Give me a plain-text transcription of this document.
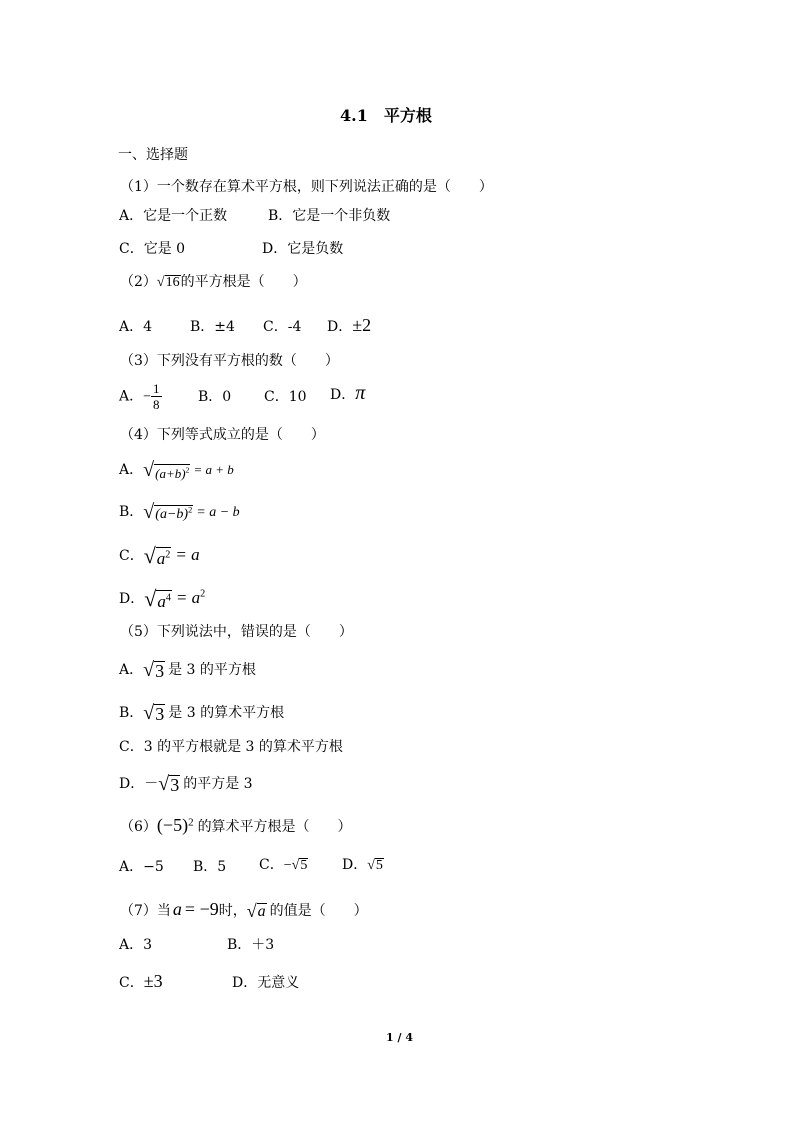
4.1　平方根
一、选择题
（1）一个数存在算术平方根，则下列说法正确的是（　　）
A．它是一个正数	B．它是一个非负数
C．它是 0	D．它是负数
（2） √ 16 的平方根是（　　）
A．4	B．±4 C．-4 D．±2
（3）下列没有平方根的数（　　）
A．− $\frac{1}{8}$	B．0 C．10 D．π
（4）下列等式成立的是（　　）
A． √ $(a+b)^2 = a + b$
B． √ $(a-b)^2 = a - b$
C． √ $a^2 = a$
D． √ $a^4 = a^2$
（5）下列说法中，错误的是（　　）
A． √ 3 是 3 的平方根
B． √ 3 是 3 的算术平方根
C．3 的平方根就是 3 的算术平方根
D．－ √ 3 的平方是 3
$(6)(-5)^2$ 的算术平方根是（　　）
A．−5 B．5 C．− √ 5 D． √ 5
（7）当 a = −9时， √ a 的值是（　　）
A．3	B．＋3
C．±3	D．无意义
1 / 4
